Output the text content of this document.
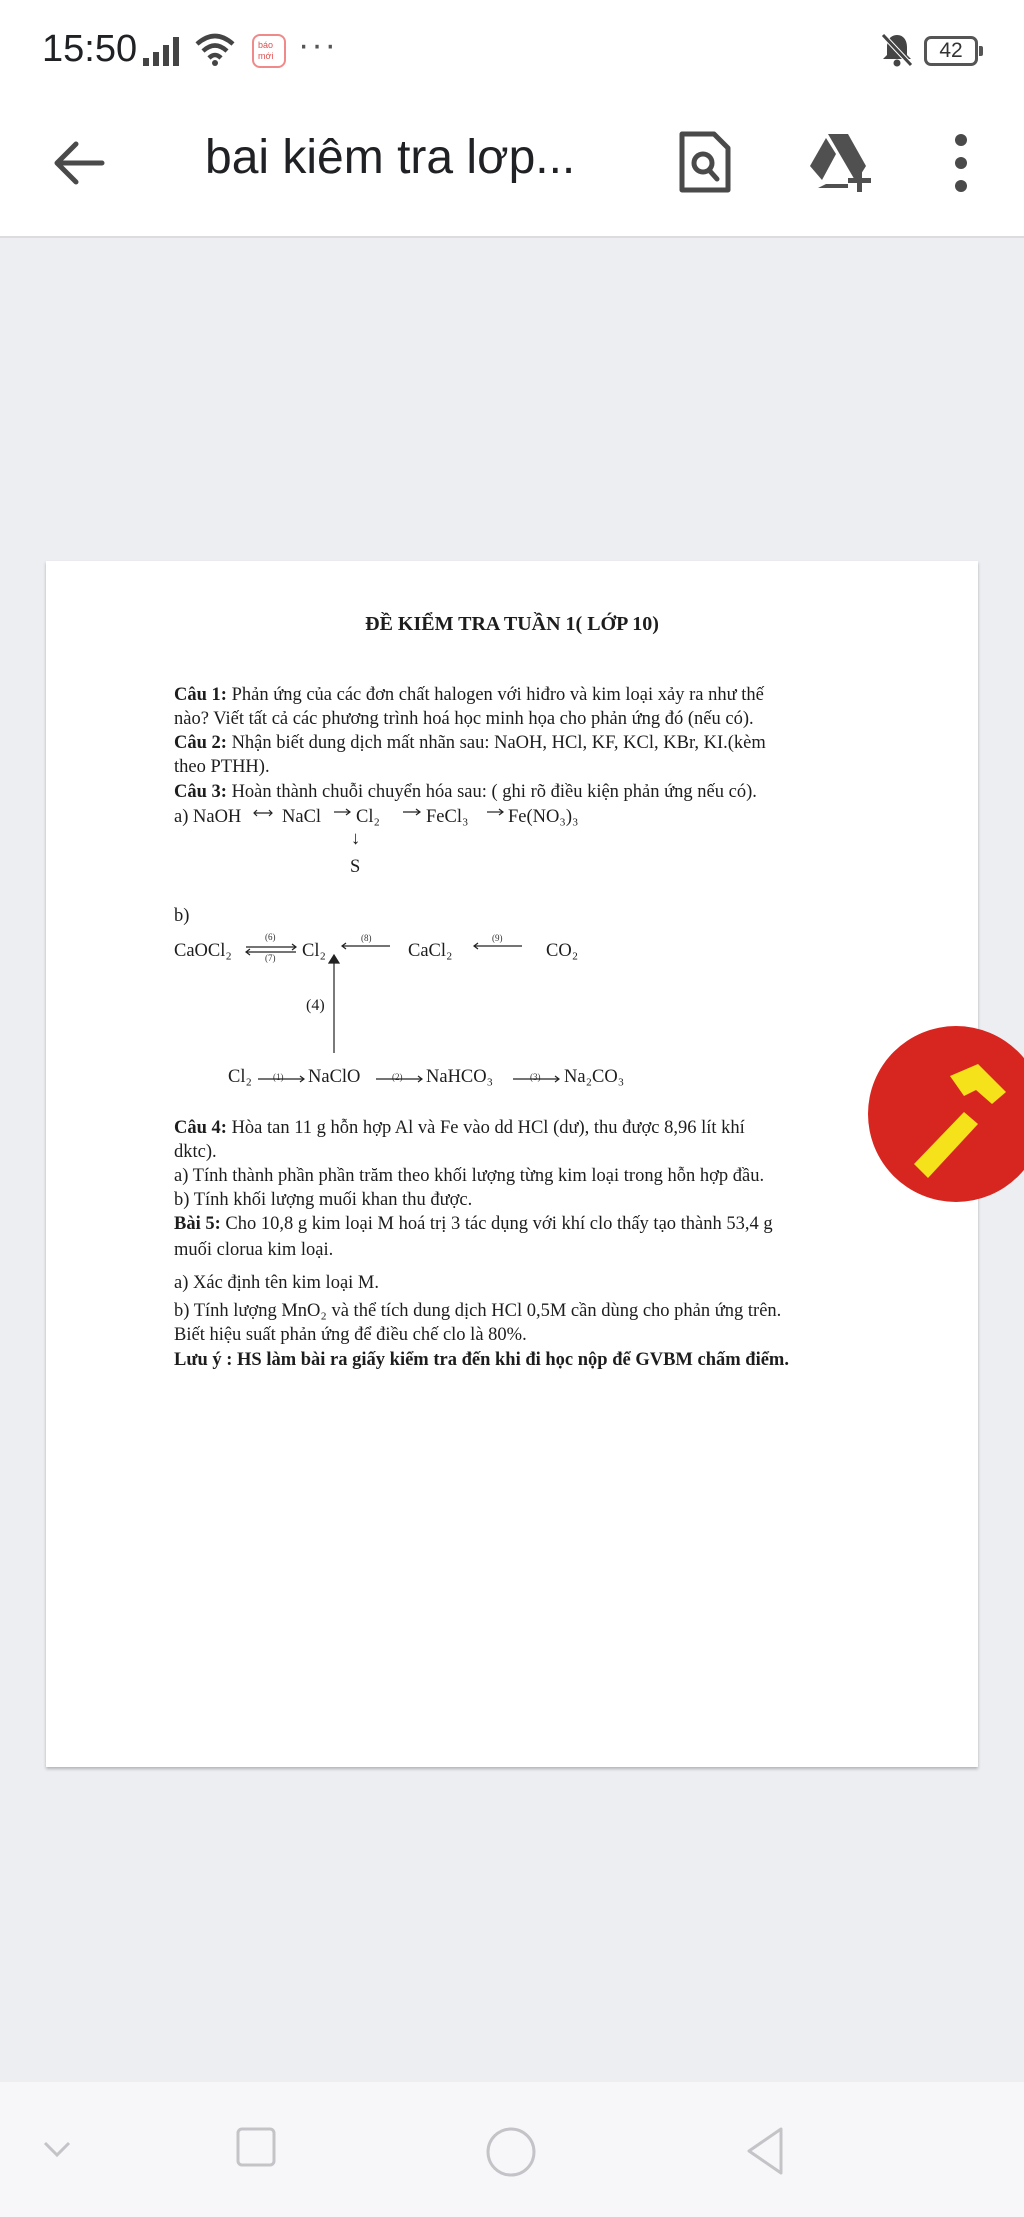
15:50	báo mới ···	42
bai kiêm tra lơp...
ĐỀ KIỂM TRA TUẦN 1( LỚP 10)
Câu 1: Phản ứng của các đơn chất halogen với hiđro và kim loại xảy ra như thế
nào? Viết tất cả các phương trình hoá học minh họa cho phản ứng đó (nếu có).
Câu 2: Nhận biết dung dịch mất nhãn sau: NaOH, HCl, KF, KCl, KBr, KI.(kèm
theo PTHH).
Câu 3: Hoàn thành chuỗi chuyển hóa sau: ( ghi rõ điều kiện phản ứng nếu có).
a) NaOH NaCl Cl₂ FeCl₃ Fe(NO₃)₃
↓
S
b)
CaOCl₂	Cl₂	CaCl₂	CO₂
(4)
(6)
(7)
(8)	(9)
Cl₂	NaClO	NaHCO₃	Na₂CO₃
(1)	(2)	(3)
Câu 4: Hòa tan 11 g hỗn hợp Al và Fe vào dd HCl (dư), thu được 8,96 lít khí
dktc).
a) Tính thành phần phần trăm theo khối lượng từng kim loại trong hỗn hợp đầu.
b) Tính khối lượng muối khan thu được.
Bài 5: Cho 10,8 g kim loại M hoá trị 3 tác dụng với khí clo thấy tạo thành 53,4 g
muối clorua kim loại.
a) Xác định tên kim loại M.
b) Tính lượng MnO₂ và thể tích dung dịch HCl 0,5M cần dùng cho phản ứng trên.
Biết hiệu suất phản ứng để điều chế clo là 80%.
Lưu ý : HS làm bài ra giấy kiểm tra đến khi đi học nộp để GVBM chấm điểm.
